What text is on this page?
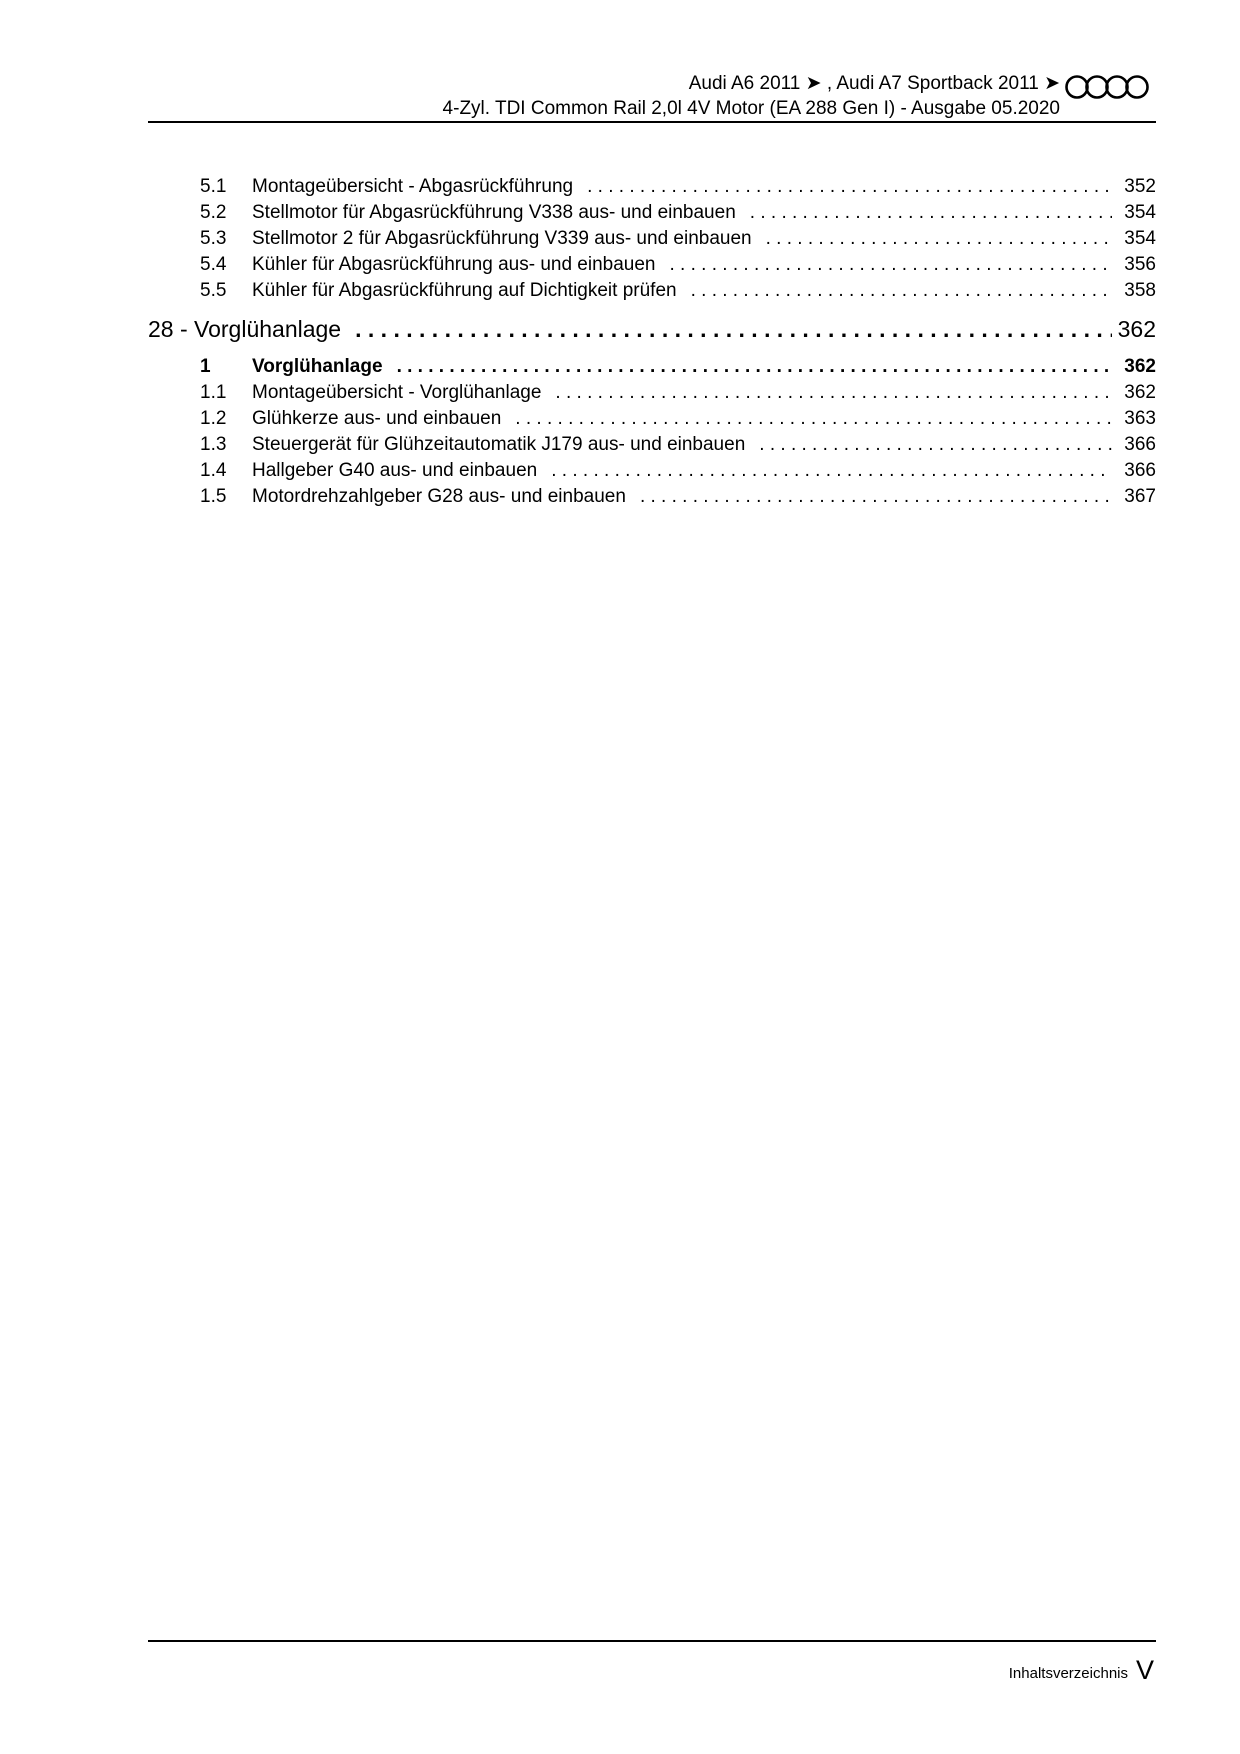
Audi A6 2011 ➤ , Audi A7 Sportback 2011 ➤
4-Zyl. TDI Common Rail 2,0l 4V Motor (EA 288 Gen I) - Ausgabe 05.2020
5.1	Montageübersicht - Abgasrückführung . . .	352
5.2	Stellmotor für Abgasrückführung V338 aus- und einbauen . . .	354
5.3	Stellmotor 2 für Abgasrückführung V339 aus- und einbauen . . .	354
5.4	Kühler für Abgasrückführung aus- und einbauen . . .	356
5.5	Kühler für Abgasrückführung auf Dichtigkeit prüfen . . .	358
28 - Vorglühanlage . . .	362
1	Vorglühanlage . . .	362
1.1	Montageübersicht - Vorglühanlage . . .	362
1.2	Glühkerze aus- und einbauen . . .	363
1.3	Steuergerät für Glühzeitautomatik J179 aus- und einbauen . . .	366
1.4	Hallgeber G40 aus- und einbauen . . .	366
1.5	Motordrehzahlgeber G28 aus- und einbauen . . .	367
Inhaltsverzeichnis V
